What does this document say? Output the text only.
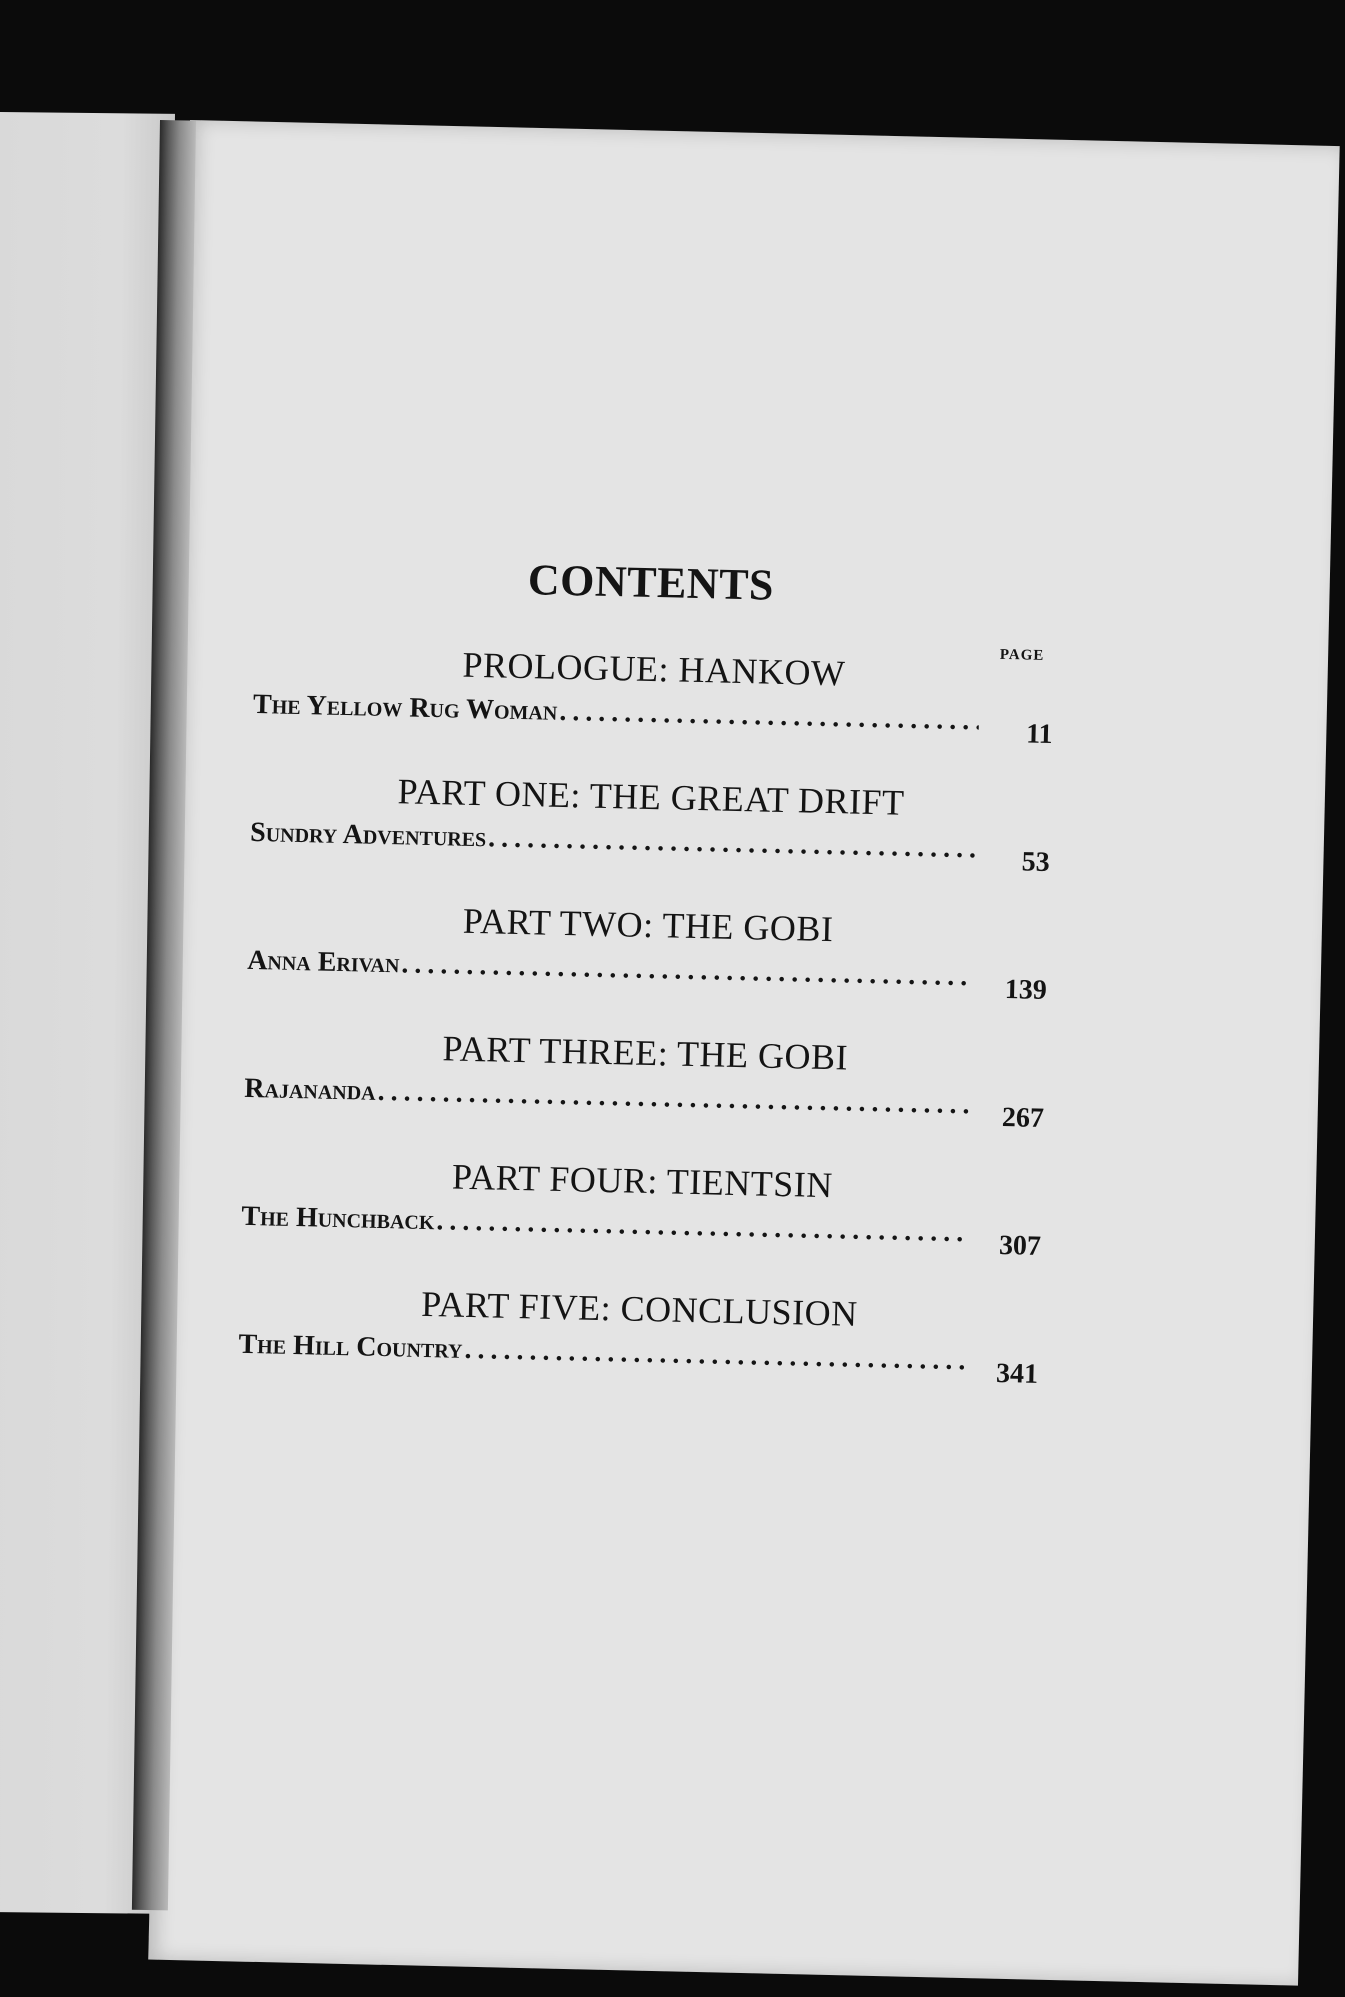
CONTENTS
PAGE
PROLOGUE: HANKOW
The Yellow Rug Woman
.....
11
PART ONE: THE GREAT DRIFT
Sundry Adventures
.....
53
PART TWO: THE GOBI
Anna Erivan
.....
139
PART THREE: THE GOBI
Rajananda
.....
267
PART FOUR: TIENTSIN
The Hunchback
.....
307
PART FIVE: CONCLUSION
The Hill Country
.....
341
